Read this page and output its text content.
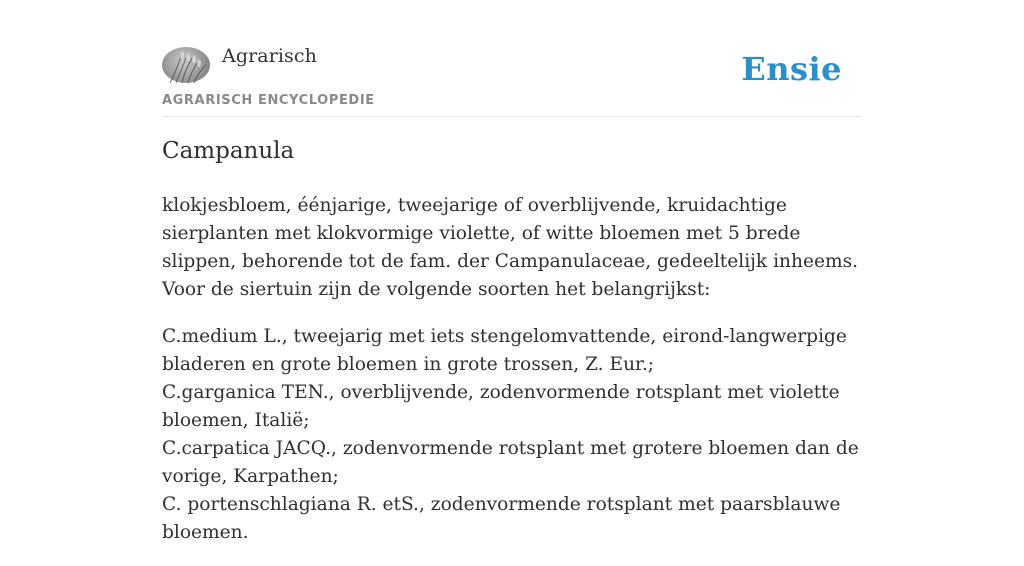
Agrarisch
AGRARISCH ENCYCLOPEDIE
Ensie
Campanula

klokjesbloem, éénjarige, tweejarige of overblijvende, kruidachtige sierplanten met klokvormige violette, of witte bloemen met 5 brede slippen, behorende tot de fam. der Campanulaceae, gedeeltelijk inheems. Voor de siertuin zijn de volgende soorten het belangrijkst:

C.medium L., tweejarig met iets stengelomvattende, eirond-langwerpige bladeren en grote bloemen in grote trossen, Z. Eur.;
C.garganica TEN., overblijvende, zodenvormende rotsplant met violette bloemen, Italië;
C.carpatica JACQ., zodenvormende rotsplant met grotere bloemen dan de vorige, Karpathen;
C. portenschlagiana R. etS., zodenvormende rotsplant met paarsblauwe bloemen.
